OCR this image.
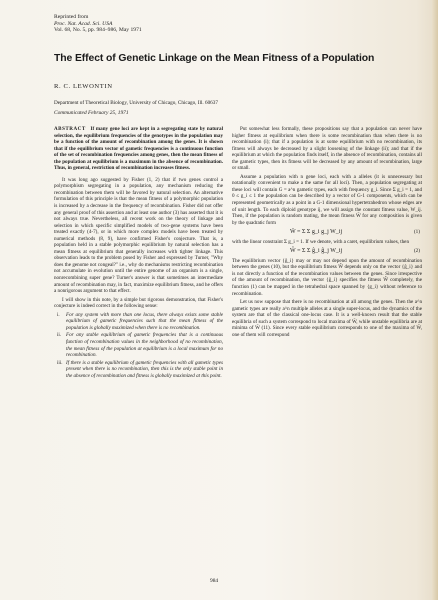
Reprinted from
Proc. Nat. Acad. Sci. USA
Vol. 68, No. 5, pp. 984–986, May 1971
The Effect of Genetic Linkage on the Mean Fitness of a Population
R. C. LEWONTIN
Department of Theoretical Biology, University of Chicago, Chicago, Ill. 60637
Communicated February 25, 1971

ABSTRACT If many gene loci are kept in a segregating state by natural selection, the equilibrium frequencies of the genotypes in the population may be a function of the amount of recombination among the genes. It is shown that if the equilibrium vector of gametic frequencies is a continuous function of the set of recombination frequencies among genes, then the mean fitness of the population at equilibrium is a maximum in the absence of recombination. Thus, in general, restriction of recombination increases fitness.

It was long ago suggested by Fisher (1, 2) that if two genes control a polymorphism segregating in a population, any mechanism reducing the recombination between them will be favored by natural selection. An alternative formulation of this principle is that the mean fitness of a polymorphic population is increased by a decrease in the frequency of recombination. Fisher did not offer any general proof of this assertion and at least one author (3) has asserted that it is not always true. Nevertheless, all recent work on the theory of linkage and selection in which specific simplified models of two-gene systems have been treated exactly (4-7), or in which more complex models have been treated by numerical methods (8, 9), have confirmed Fisher's conjecture. That is, a population held in a stable polymorphic equilibrium by natural selection has a mean fitness at equilibrium that generally increases with tighter linkage. This observation leads to the problem posed by Fisher and expressed by Turner, "Why does the genome not congeal?" i.e., why do mechanisms restricting recombination not accumulate in evolution until the entire genome of an organism is a single, nonrecombining super gene? Turner's answer is that sometimes an intermediate amount of recombination may, in fact, maximize equilibrium fitness, and he offers a nonrigorous argument to that effect.

I will show in this note, by a simple but rigorous demonstration, that Fisher's conjecture is indeed correct in the following sense:

i. For any system with more than one locus, there always exists some stable equilibrium of gametic frequencies such that the mean fitness of the population is globally maximized when there is no recombination.
ii. For any stable equilibrium of gametic frequencies that is a continuous function of recombination values in the neighborhood of no recombination, the mean fitness of the population at equilibrium is a local maximum for no recombination.
iii. If there is a stable equilibrium of gametic frequencies with all gametic types present when there is no recombination, then this is the only stable point in the absence of recombination and fitness is globally maximized at this point.

Put somewhat less formally, these propositions say that a population can never have higher fitness at equilibrium when there is some recombination than when there is no recombination (i); that if a population is at some equilibrium with no recombination, its fitness will always be decreased by a slight loosening of the linkage (ii); and that if the equilibrium at which the population finds itself, in the absence of recombination, contains all the gametic types, then its fitness will be decreased by any amount of recombination, large or small.

Assume a population with n gene loci, each with a alleles (it is unnecessary but notationally convenient to make a the same for all loci). Then, a population segregating at these loci will contain G = a^n gametic types, each with frequency g_i. Since Σ g_i = 1, and 0 ≤ g_i ≤ 1 the population can be described by a vector of G-1 components, which can be represented geometrically as a point in a G-1 dimensional hypertetrahedron whose edges are of unit length. To each diploid genotype ij, we will assign the constant fitness value, W_ij. Then, if the population is random mating, the mean fitness W̄ for any composition is given by the quadratic form

W̄ = Σ Σ g_i g_j W_ij	(1)

with the linear constraint Σ g_i = 1. If we denote, with a caret, equilibrium values, then

Ŵ = Σ Σ ĝ_i ĝ_j W_ij	(2)

The equilibrium vector {ĝ_i} may or may not depend upon the amount of recombination between the genes (10), but the equilibrium fitness Ŵ depends only on the vector {ĝ_i} and is not directly a function of the recombination values between the genes. Since irrespective of the amount of recombination, the vector {ĝ_i} specifies the fitness Ŵ completely, the function (1) can be mapped in the tetrahedral space spanned by {g_i} without reference to recombination.

Let us now suppose that there is no recombination at all among the genes. Then the a^n gametic types are really a^n multiple alleles at a single super-locus, and the dynamics of the system are that of the classical one-locus case. It is a well-known result that the stable equilibria of such a system correspond to local maxima of W̄, while unstable equilibria are at minima of W̄ (11). Since every stable equilibrium corresponds to one of the maxima of W̄, one of them will correspond

984
